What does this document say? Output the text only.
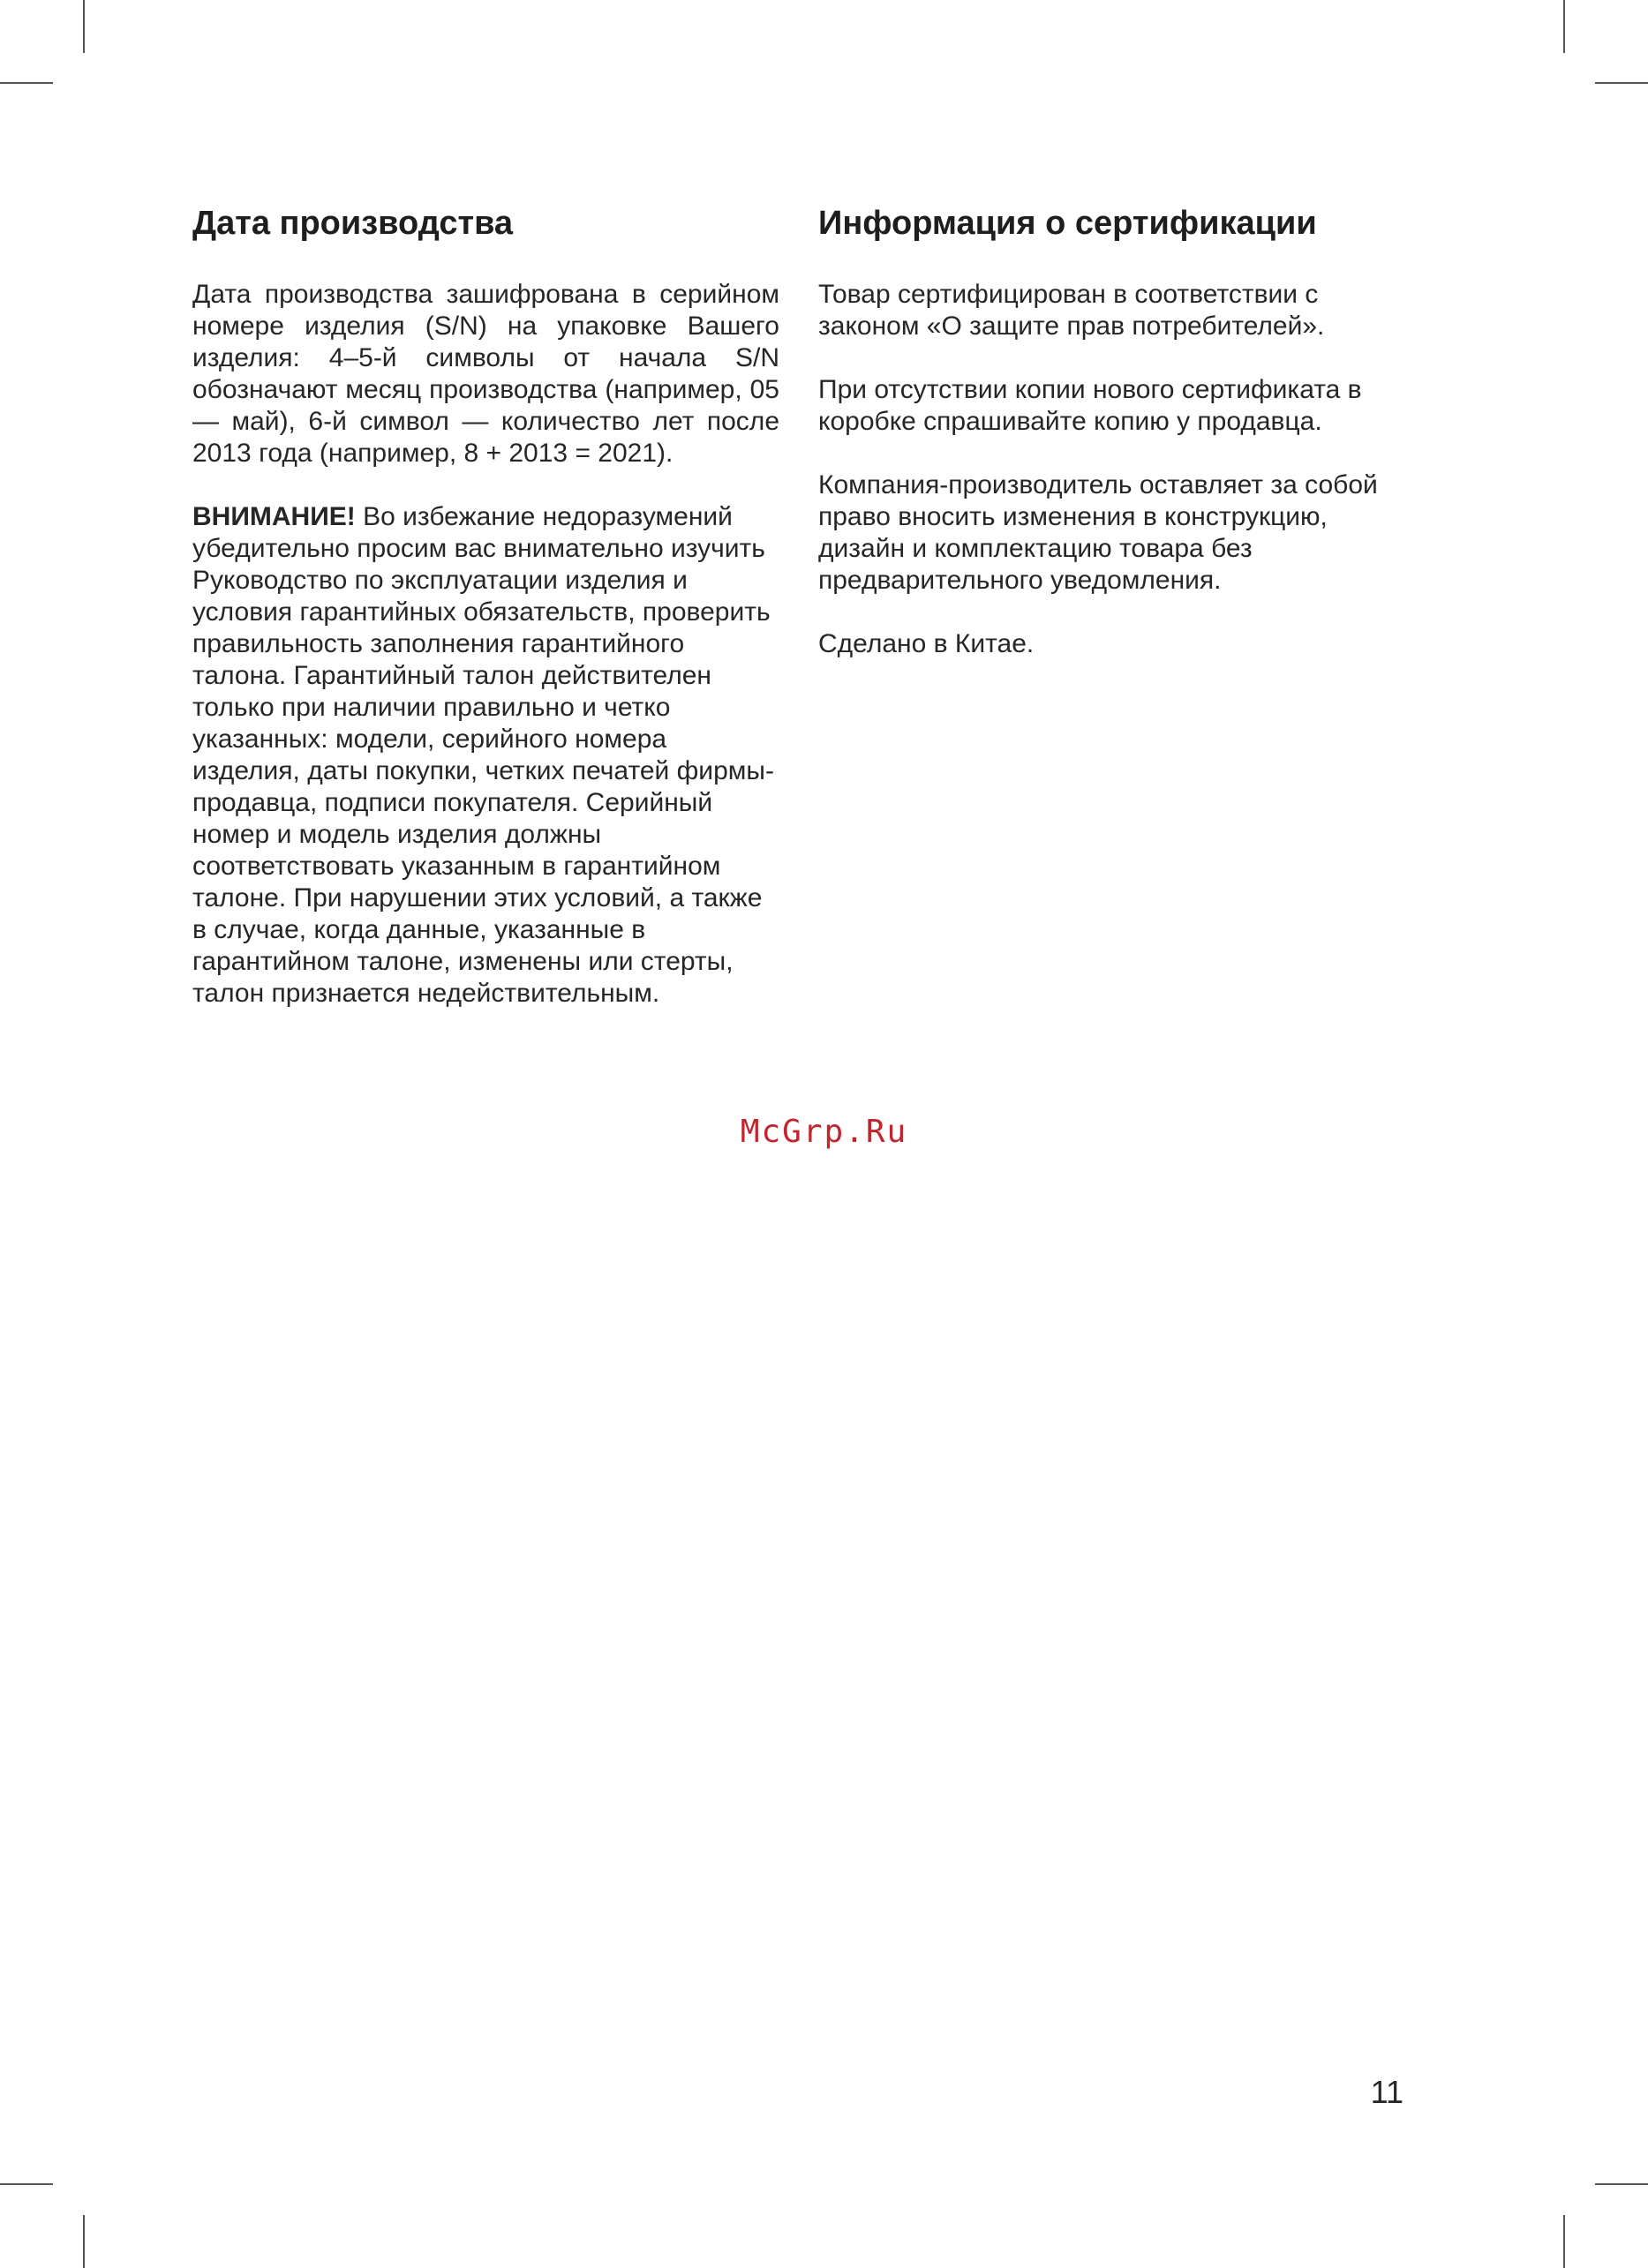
Дата производства

Дата производства зашифрована в серийном номере изделия (S/N) на упаковке Вашего изделия: 4–5-й символы от начала S/N обозначают месяц производства (например, 05 — май), 6-й символ — количество лет после 2013 года (например, 8 + 2013 = 2021).

ВНИМАНИЕ! Во избежание недоразумений убедительно просим вас внимательно изучить Руководство по эксплуатации изделия и условия гарантийных обязательств, проверить правильность заполнения гарантийного талона. Гарантийный талон действителен только при наличии правильно и четко указанных: модели, серийного номера изделия, даты покупки, четких печатей фирмы-продавца, подписи покупателя. Серийный номер и модель изделия должны соответствовать указанным в гарантийном талоне. При нарушении этих условий, а также в случае, когда данные, указанные в гарантийном талоне, изменены или стерты, талон признается недействительным.

Информация о сертификации

Товар сертифицирован в соответствии с законом «О защите прав потребителей».

При отсутствии копии нового сертификата в коробке спрашивайте копию у продавца.

Компания-производитель оставляет за собой право вносить изменения в конструкцию, дизайн и комплектацию товара без предварительного уведомления.

Сделано в Китае.

McGrp.Ru
11
